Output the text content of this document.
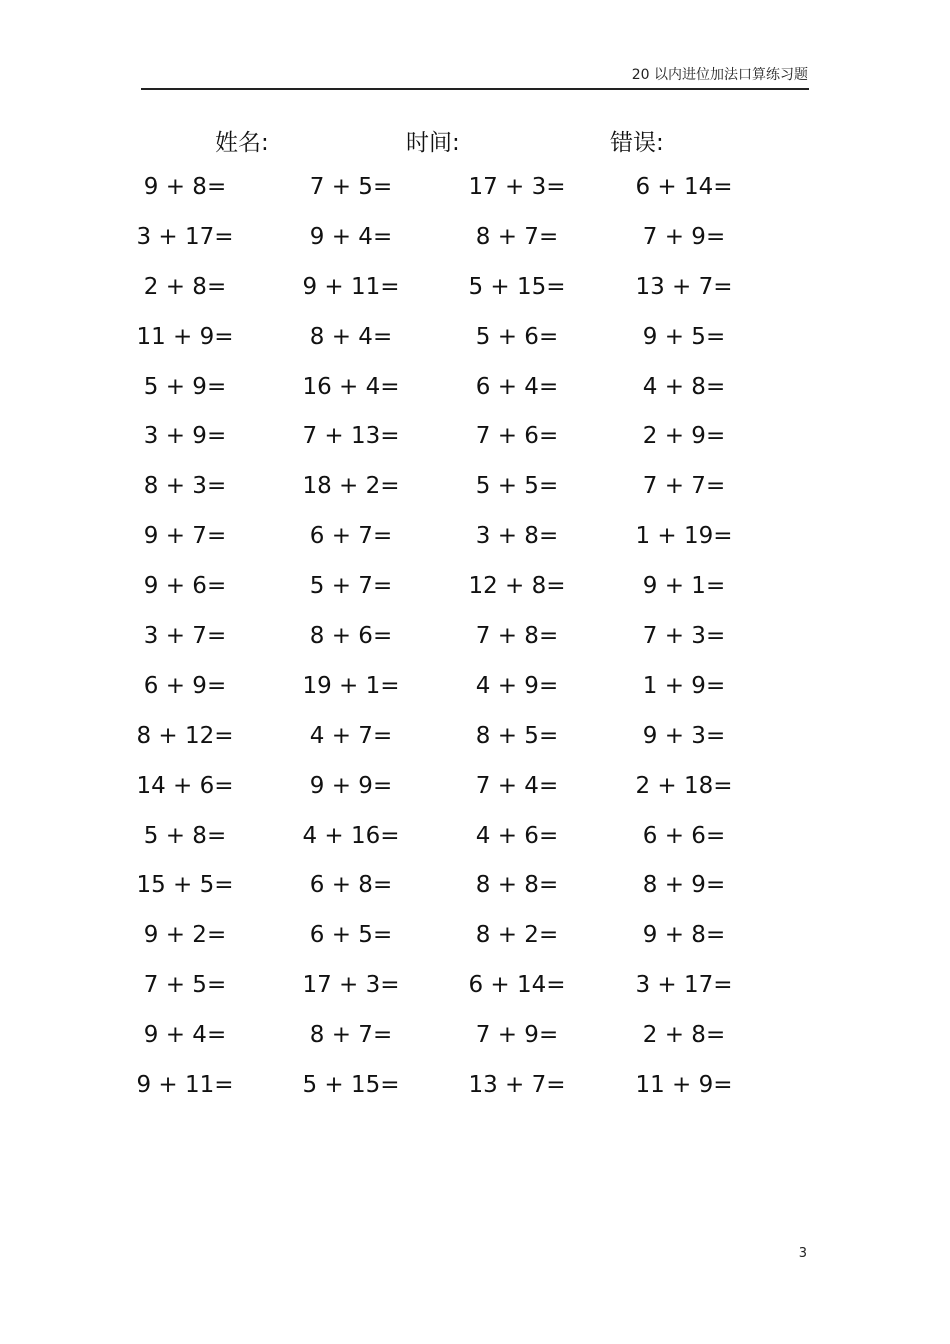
20 以内进位加法口算练习题
姓名:	时间:	错误:
9 + 8=	7 + 5=	17 + 3=	6 + 14=
3 + 17=	9 + 4=	8 + 7=	7 + 9=
2 + 8=	9 + 11=	5 + 15=	13 + 7=
11 + 9=	8 + 4=	5 + 6=	9 + 5=
5 + 9=	16 + 4=	6 + 4=	4 + 8=
3 + 9=	7 + 13=	7 + 6=	2 + 9=
8 + 3=	18 + 2=	5 + 5=	7 + 7=
9 + 7=	6 + 7=	3 + 8=	1 + 19=
9 + 6=	5 + 7=	12 + 8=	9 + 1=
3 + 7=	8 + 6=	7 + 8=	7 + 3=
6 + 9=	19 + 1=	4 + 9=	1 + 9=
8 + 12=	4 + 7=	8 + 5=	9 + 3=
14 + 6=	9 + 9=	7 + 4=	2 + 18=
5 + 8=	4 + 16=	4 + 6=	6 + 6=
15 + 5=	6 + 8=	8 + 8=	8 + 9=
9 + 2=	6 + 5=	8 + 2=	9 + 8=
7 + 5=	17 + 3=	6 + 14=	3 + 17=
9 + 4=	8 + 7=	7 + 9=	2 + 8=
9 + 11=	5 + 15=	13 + 7=	11 + 9=
3
